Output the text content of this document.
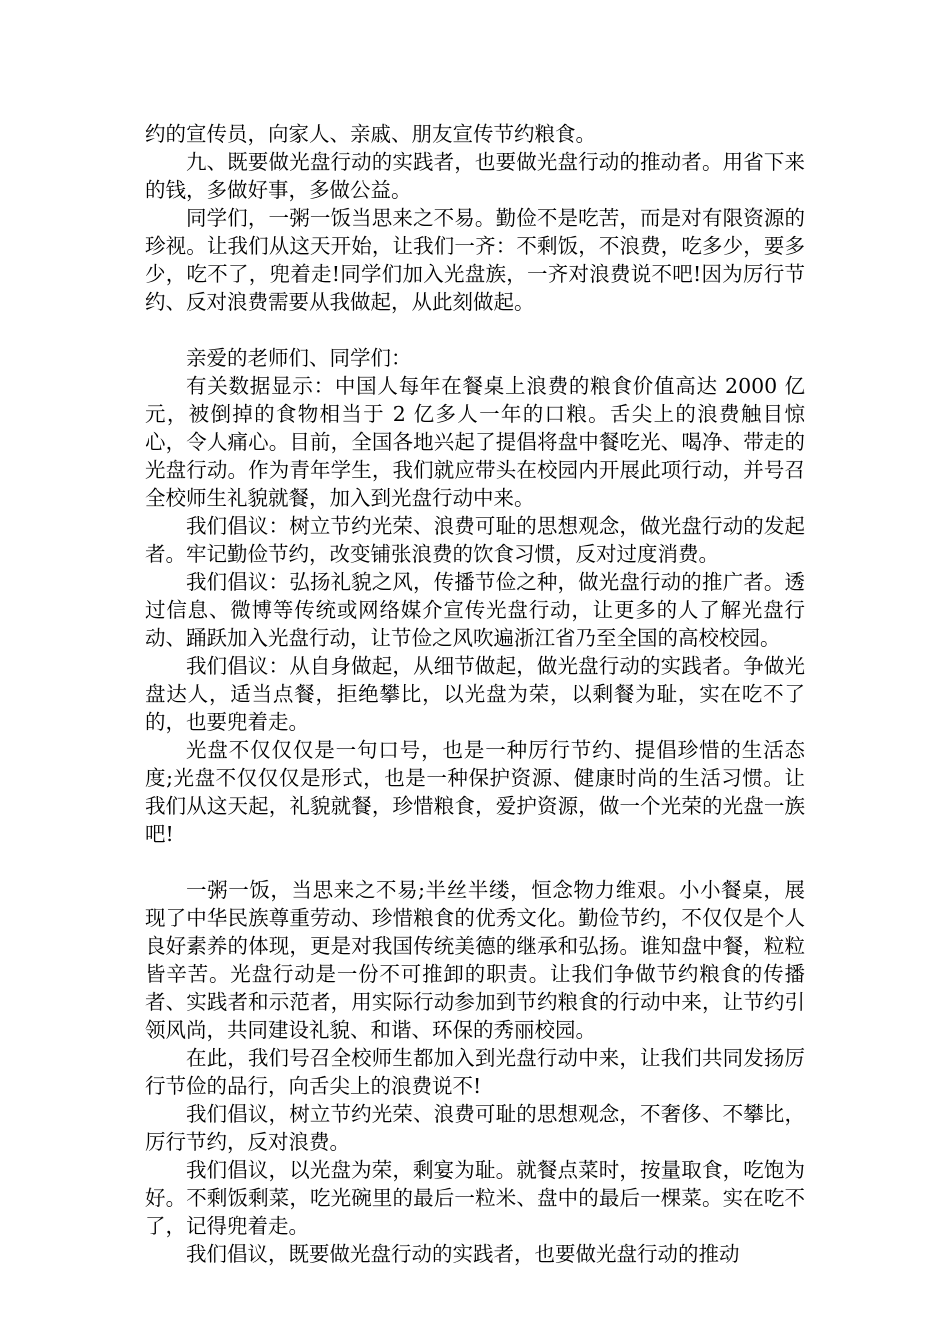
约的宣传员，向家人、亲戚、朋友宣传节约粮食。

九、既要做光盘行动的实践者，也要做光盘行动的推动者。用省下来的钱，多做好事，多做公益。

同学们，一粥一饭当思来之不易。勤俭不是吃苦，而是对有限资源的珍视。让我们从这天开始，让我们一齐：不剩饭，不浪费，吃多少，要多少，吃不了，兜着走!同学们加入光盘族，一齐对浪费说不吧!因为厉行节约、反对浪费需要从我做起，从此刻做起。

亲爱的老师们、同学们：

有关数据显示：中国人每年在餐桌上浪费的粮食价值高达 2000 亿元，被倒掉的食物相当于 2 亿多人一年的口粮。舌尖上的浪费触目惊心，令人痛心。目前，全国各地兴起了提倡将盘中餐吃光、喝净、带走的光盘行动。作为青年学生，我们就应带头在校园内开展此项行动，并号召全校师生礼貌就餐，加入到光盘行动中来。

我们倡议：树立节约光荣、浪费可耻的思想观念，做光盘行动的发起者。牢记勤俭节约，改变铺张浪费的饮食习惯，反对过度消费。

我们倡议：弘扬礼貌之风，传播节俭之种，做光盘行动的推广者。透过信息、微博等传统或网络媒介宣传光盘行动，让更多的人了解光盘行动、踊跃加入光盘行动，让节俭之风吹遍浙江省乃至全国的高校校园。

我们倡议：从自身做起，从细节做起，做光盘行动的实践者。争做光盘达人，适当点餐，拒绝攀比，以光盘为荣，以剩餐为耻，实在吃不了的，也要兜着走。

光盘不仅仅仅是一句口号，也是一种厉行节约、提倡珍惜的生活态度;光盘不仅仅仅是形式，也是一种保护资源、健康时尚的生活习惯。让我们从这天起，礼貌就餐，珍惜粮食，爱护资源，做一个光荣的光盘一族吧!

一粥一饭，当思来之不易;半丝半缕，恒念物力维艰。小小餐桌，展现了中华民族尊重劳动、珍惜粮食的优秀文化。勤俭节约，不仅仅是个人良好素养的体现，更是对我国传统美德的继承和弘扬。谁知盘中餐，粒粒皆辛苦。光盘行动是一份不可推卸的职责。让我们争做节约粮食的传播者、实践者和示范者，用实际行动参加到节约粮食的行动中来，让节约引领风尚，共同建设礼貌、和谐、环保的秀丽校园。

在此，我们号召全校师生都加入到光盘行动中来，让我们共同发扬厉行节俭的品行，向舌尖上的浪费说不!

我们倡议，树立节约光荣、浪费可耻的思想观念，不奢侈、不攀比，厉行节约，反对浪费。

我们倡议，以光盘为荣，剩宴为耻。就餐点菜时，按量取食，吃饱为好。不剩饭剩菜，吃光碗里的最后一粒米、盘中的最后一棵菜。实在吃不了，记得兜着走。

我们倡议，既要做光盘行动的实践者，也要做光盘行动的推动
